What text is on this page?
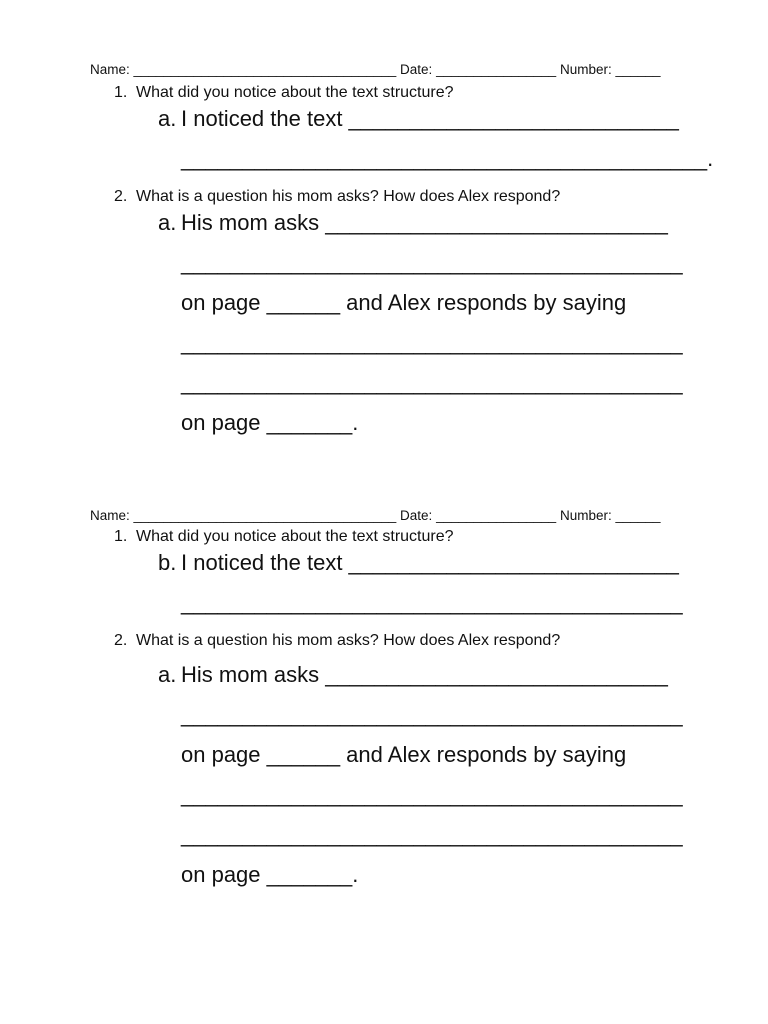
Name: ___________________________________ Date: ________________ Number: ______
1. What did you notice about the text structure?
a. I noticed the text ___________________________
___________________________________________.
2. What is a question his mom asks? How does Alex respond?
a. His mom asks ____________________________
_________________________________________
on page ______ and Alex responds by saying
_________________________________________
_________________________________________
on page _______.
Name: ___________________________________ Date: ________________ Number: ______
1. What did you notice about the text structure?
b. I noticed the text ___________________________
_________________________________________
2. What is a question his mom asks? How does Alex respond?
a. His mom asks ____________________________
_________________________________________
on page ______ and Alex responds by saying
_________________________________________
_________________________________________
on page _______.
